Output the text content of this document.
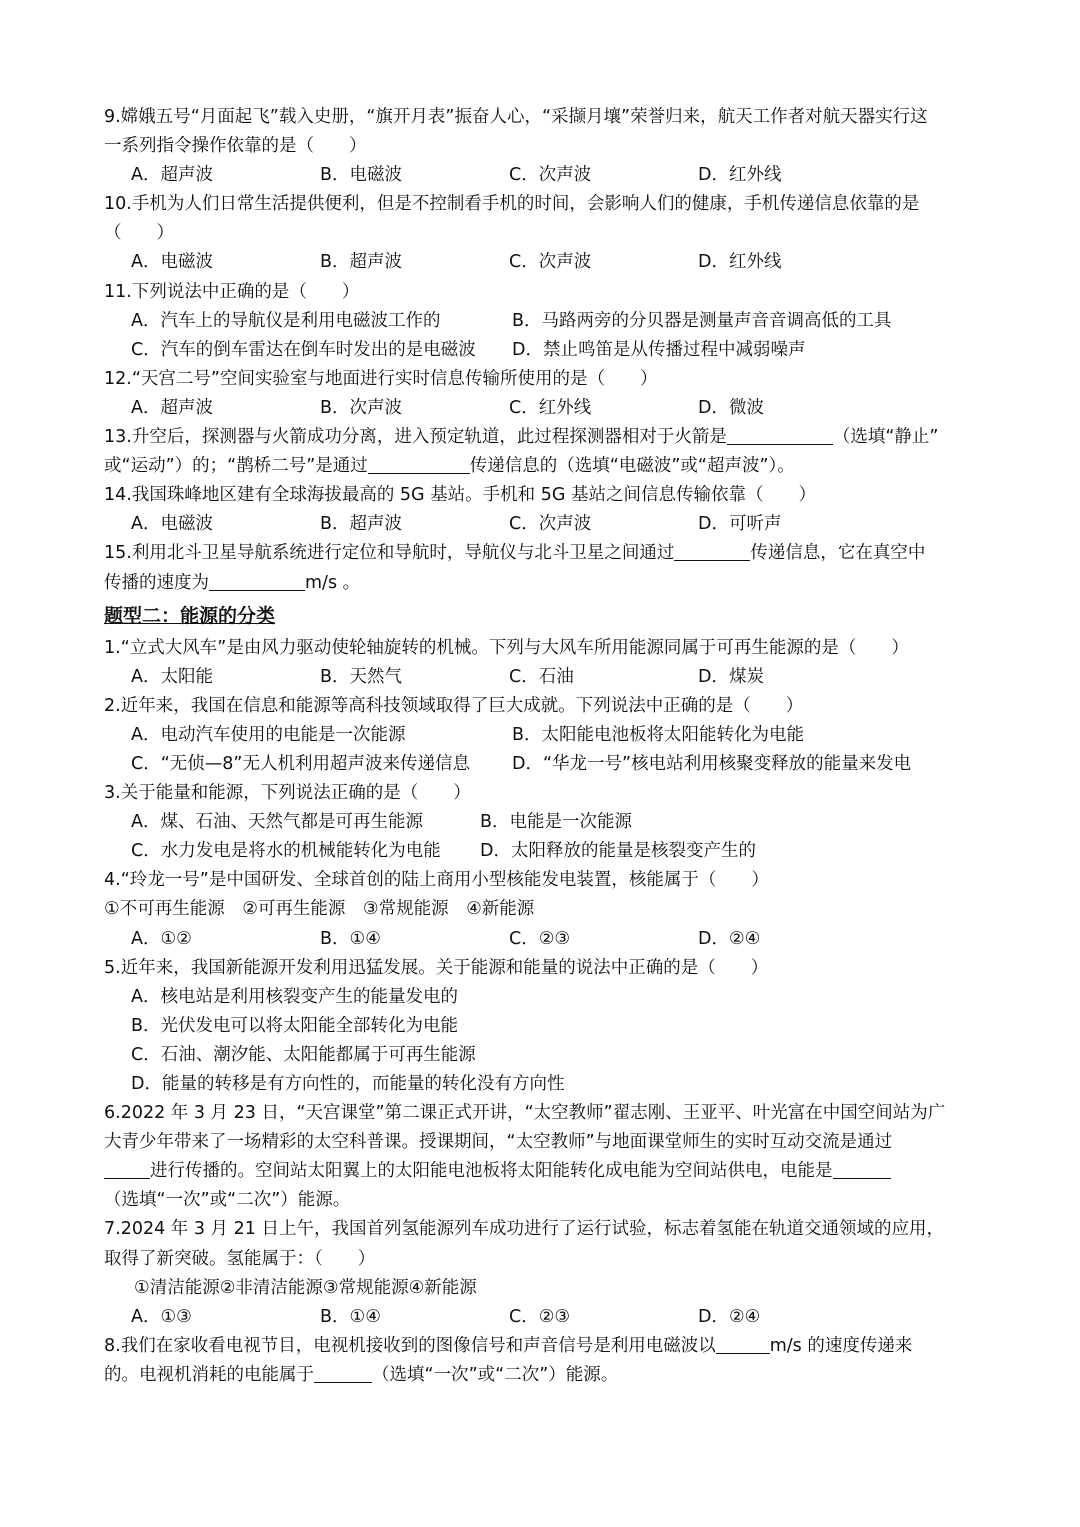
9.嫦娥五号“月面起飞”载入史册，“旗开月表”振奋人心，“采撷月壤”荣誉归来，航天工作者对航天器实行这
一系列指令操作依靠的是（　　）
A．超声波	B．电磁波	C．次声波	D．红外线
10.手机为人们日常生活提供便利，但是不控制看手机的时间，会影响人们的健康，手机传递信息依靠的是
（　　）
A．电磁波	B．超声波	C．次声波	D．红外线
11.下列说法中正确的是（　　）
A．汽车上的导航仪是利用电磁波工作的	B．马路两旁的分贝器是测量声音音调高低的工具
C．汽车的倒车雷达在倒车时发出的是电磁波	D．禁止鸣笛是从传播过程中减弱噪声
12.“天宫二号”空间实验室与地面进行实时信息传输所使用的是（　　）
A．超声波	B．次声波	C．红外线	D．微波
13.升空后，探测器与火箭成功分离，进入预定轨道，此过程探测器相对于火箭是	（选填“静止”
或“运动”）的；“鹊桥二号”是通过	传递信息的（选填“电磁波”或“超声波”）。
14.我国珠峰地区建有全球海拔最高的 5G 基站。手机和 5G 基站之间信息传输依靠（　　）
A．电磁波	B．超声波	C．次声波	D．可听声
15.利用北斗卫星导航系统进行定位和导航时，导航仪与北斗卫星之间通过	传递信息，它在真空中
传播的速度为	m/s 。
题型二：能源的分类
1.“立式大风车”是由风力驱动使轮轴旋转的机械。下列与大风车所用能源同属于可再生能源的是（　　）
A．太阳能	B．天然气	C．石油	D．煤炭
2.近年来，我国在信息和能源等高科技领域取得了巨大成就。下列说法中正确的是（　　）
A．电动汽车使用的电能是一次能源	B．太阳能电池板将太阳能转化为电能
C．“无侦—8”无人机利用超声波来传递信息	D．“华龙一号”核电站利用核聚变释放的能量来发电
3.关于能量和能源，下列说法正确的是（　　）
A．煤、石油、天然气都是可再生能源	B．电能是一次能源
C．水力发电是将水的机械能转化为电能	D．太阳释放的能量是核裂变产生的
4.“玲龙一号”是中国研发、全球首创的陆上商用小型核能发电装置，核能属于（　　）
①不可再生能源　②可再生能源　③常规能源　④新能源
A．①②	B．①④	C．②③	D．②④
5.近年来，我国新能源开发利用迅猛发展。关于能源和能量的说法中正确的是（　　）
A．核电站是利用核裂变产生的能量发电的
B．光伏发电可以将太阳能全部转化为电能
C．石油、潮汐能、太阳能都属于可再生能源
D．能量的转移是有方向性的，而能量的转化没有方向性
6.2022 年 3 月 23 日，“天宫课堂”第二课正式开讲，“太空教师”翟志刚、王亚平、叶光富在中国空间站为广
大青少年带来了一场精彩的太空科普课。授课期间，“太空教师”与地面课堂师生的实时互动交流是通过
进行传播的。空间站太阳翼上的太阳能电池板将太阳能转化成电能为空间站供电，电能是
（选填“一次”或“二次”）能源。
7.2024 年 3 月 21 日上午，我国首列氢能源列车成功进行了运行试验，标志着氢能在轨道交通领域的应用，
取得了新突破。氢能属于：（　　）
①清洁能源②非清洁能源③常规能源④新能源
A．①③	B．①④	C．②③	D．②④
8.我们在家收看电视节目，电视机接收到的图像信号和声音信号是利用电磁波以	m/s 的速度传递来
的。电视机消耗的电能属于	（选填“一次”或“二次”）能源。
